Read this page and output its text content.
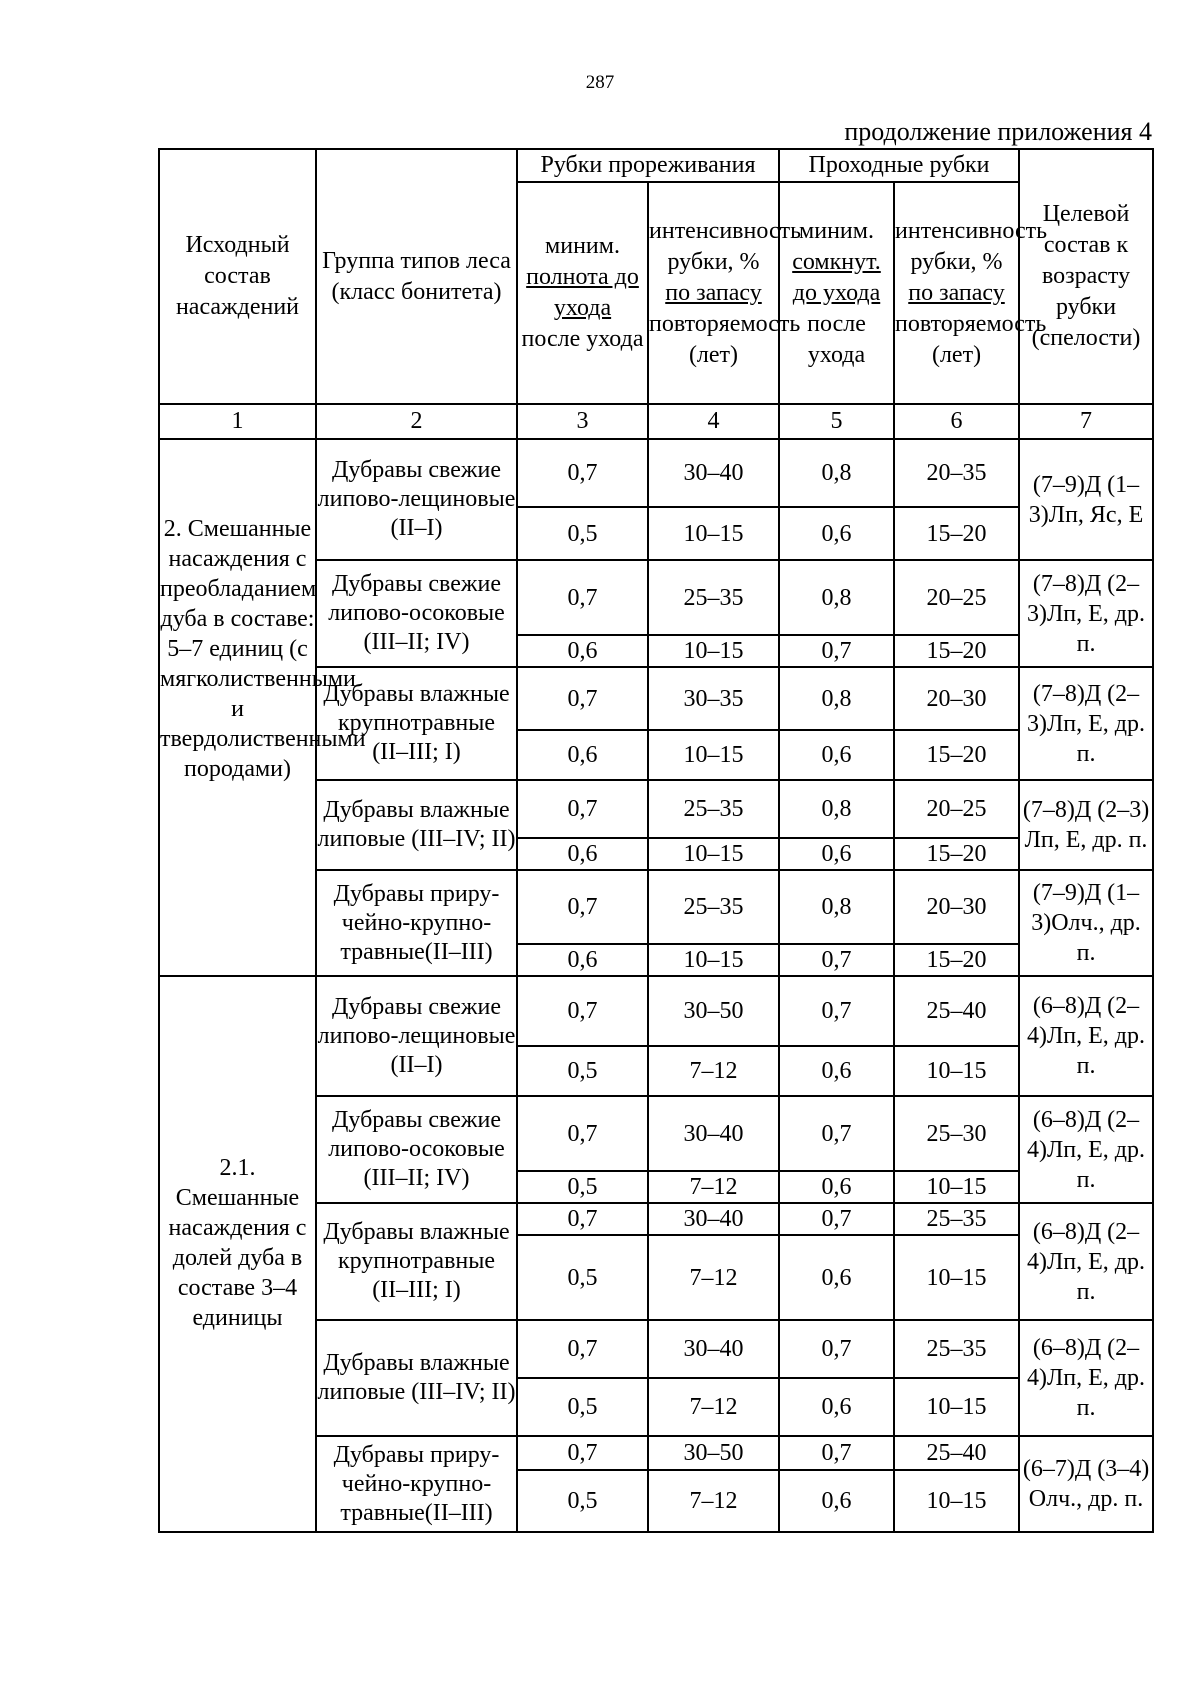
287
продолжение приложения 4
Исходный состав насаждений	Группа типов леса (класс бонитета)	Рубки прореживания		Проходные рубки		Целевой состав к возрасту рубки (спелости)

		миним.
полнота до ухода
после ухода	интенсивность рубки, %
по запасу
повторяемость (лет)	миним.
сомкнут. до ухода
после ухода	интенсивность рубки, %
по запасу
повторяемость (лет)	

1	2	3	4	5	6	7
2. Смешанные насаждения с преобладанием дуба в составе: 5–7 единиц (с мягколиственными и твердолиственными породами)	Дубравы свежие липово-лещиновые (II–I)	0,7	30–40	0,8	20–35	(7–9)Д (1–3)Лп, Яс, Е
		0,5	10–15	0,6	15–20	
	Дубравы свежие липово-осоковые (III–II; IV)	0,7	25–35	0,8	20–25	(7–8)Д (2–3)Лп, Е, др. п.
		0,6	10–15	0,7	15–20	
	Дубравы влажные крупнотравные (II–III; I)	0,7	30–35	0,8	20–30	(7–8)Д (2–3)Лп, Е, др. п.
		0,6	10–15	0,6	15–20	
	Дубравы влажные липовые (III–IV; II)	0,7	25–35	0,8	20–25	(7–8)Д (2–3) Лп, Е, др. п.
		0,6	10–15	0,6	15–20	
	Дубравы приру-чейно-крупно-травные(II–III)	0,7	25–35	0,8	20–30	(7–9)Д (1–3)Олч., др. п.
		0,6	10–15	0,7	15–20	
2.1. Смешанные насаждения с долей дуба в составе 3–4 единицы	Дубравы свежие липово-лещиновые (II–I)	0,7	30–50	0,7	25–40	(6–8)Д (2–4)Лп, Е, др. п.
		0,5	7–12	0,6	10–15	
	Дубравы свежие липово-осоковые (III–II; IV)	0,7	30–40	0,7	25–30	(6–8)Д (2–4)Лп, Е, др. п.
		0,5	7–12	0,6	10–15	
	Дубравы влажные крупнотравные (II–III; I)	0,7	30–40	0,7	25–35	(6–8)Д (2–4)Лп, Е, др. п.
		0,5	7–12	0,6	10–15	
	Дубравы влажные липовые (III–IV; II)	0,7	30–40	0,7	25–35	(6–8)Д (2–4)Лп, Е, др. п.
		0,5	7–12	0,6	10–15	
	Дубравы приру-чейно-крупно-травные(II–III)	0,7	30–50	0,7	25–40	(6–7)Д (3–4) Олч., др. п.
		0,5	7–12	0,6	10–15	
